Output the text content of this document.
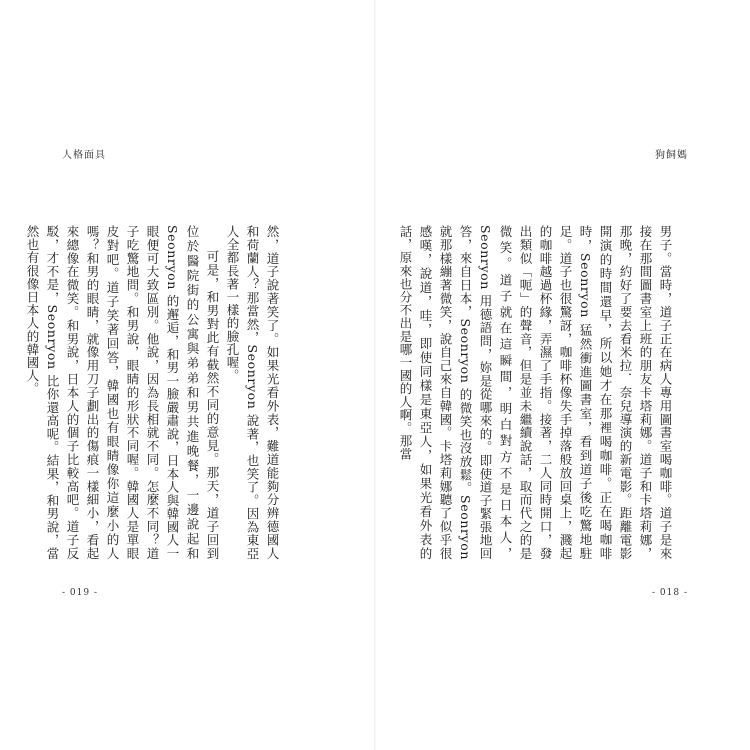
人格面具

然，道子說著笑了。如果光看外表，難道能夠分辨德國人和荷蘭人？那當然，Seonryon 說著，也笑了。因為東亞人全都長著一樣的臉孔喔。

可是，和男對此有截然不同的意見。那天，道子回到位於醫院街的公寓與弟弟和男共進晚餐，一邊說起和 Seonryon 的邂逅，和男一臉嚴肅說，日本人與韓國人一眼便可大致區別。他說，因為長相就不同。怎麼不同？道子吃驚地問。和男說，眼睛的形狀不同喔。韓國人是單眼皮對吧。道子笑著回答，韓國也有眼睛像你這麼小的人嗎？和男的眼睛，就像用刀子劃出的傷痕一樣細小，看起來總像在微笑。和男說，日本人的個子比較高吧。道子反駁，才不是，Seonryon 比你還高呢。結果，和男說，當然也有很像日本人的韓國人。

- 019 -
狗飼媽

男子。當時，道子正在病人專用圖書室喝咖啡。道子是來接在那間圖書室上班的朋友卡塔莉娜。道子和卡塔莉娜，那晚，約好了要去看米拉．奈兒導演的新電影。距離電影開演的時間還早，所以她才在那裡喝咖啡。正在喝咖啡時，Seonryon 猛然衝進圖書室，看到道子後吃驚地駐足。道子也很驚訝，咖啡杯像失手掉落般放回桌上，濺起的咖啡越過杯緣，弄濕了手指。接著，二人同時開口，發出類似「呃」的聲音，但是並未繼續說話，取而代之的是微笑。道子就在這瞬間，明白對方不是日本人，Seonryon 用德語問，妳是從哪來的。即使道子緊張地回答，來自日本，Seonryon 的微笑也沒放鬆。Seonryon 就那樣繃著微笑，說自己來自韓國。卡塔莉娜聽了似乎很感嘆，說道，哇，即使同樣是東亞人，如果光看外表的話，原來也分不出是哪一國的人啊。那當

- 018 -
